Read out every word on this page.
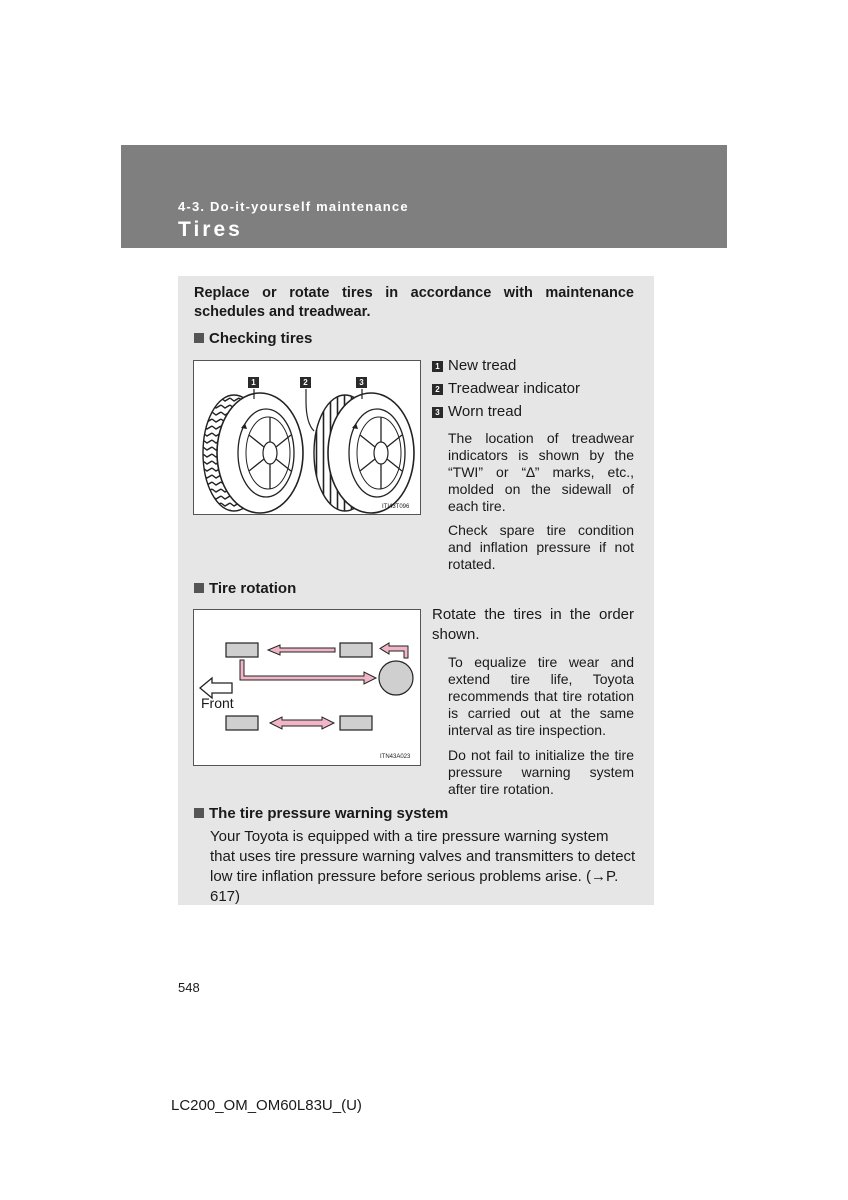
4-3. Do-it-yourself maintenance
Tires
Replace or rotate tires in accordance with maintenance schedules and treadwear.
Checking tires
1	2	3
ITI43T096
1 New tread
2 Treadwear indicator
3 Worn tread
The location of treadwear indicators is shown by the “TWI” or “∆” marks, etc., molded on the sidewall of each tire.
Check spare tire condition and inflation pressure if not rotated.
Tire rotation
Front
ITN43A023
Rotate the tires in the order shown.
To equalize tire wear and extend tire life, Toyota recommends that tire rotation is carried out at the same interval as tire inspection.
Do not fail to initialize the tire pressure warning system after tire rotation.
The tire pressure warning system
Your Toyota is equipped with a tire pressure warning system that uses tire pressure warning valves and transmitters to detect low tire inflation pressure before serious problems arise. (→P. 617)
548
LC200_OM_OM60L83U_(U)
